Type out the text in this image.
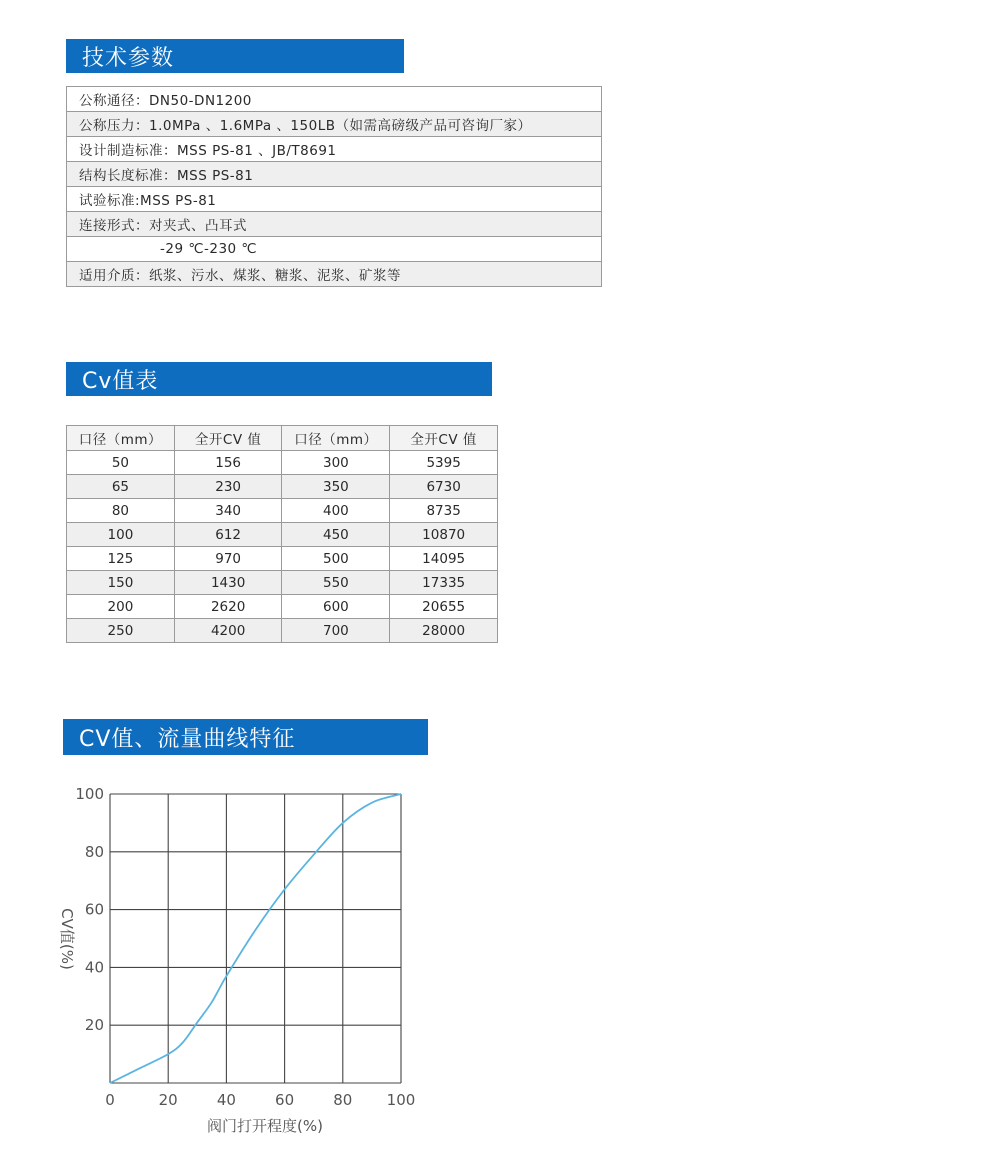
技术参数
公称通径：DN50-DN1200
公称压力：1.0MPa 、1.6MPa 、150LB（如需高磅级产品可咨询厂家）
设计制造标准：MSS PS-81 、JB/T8691
结构长度标准：MSS PS-81
试验标准:MSS PS-81
连接形式：对夹式、凸耳式
-29 ℃-230 ℃
适用介质：纸浆、污水、煤浆、糖浆、泥浆、矿浆等
Cv值表
口径（mm）	全开CV 值	口径（mm）	全开CV 值
50	156	300	5395
65	230	350	6730
80	340	400	8735
100	612	450	10870
125	970	500	14095
150	1430	550	17335
200	2620	600	20655
250	4200	700	28000
CV值、流量曲线特征
0	20	40	60	80 100
20
40
60
80
100
阀门打开程度(%)
CV值(%)
